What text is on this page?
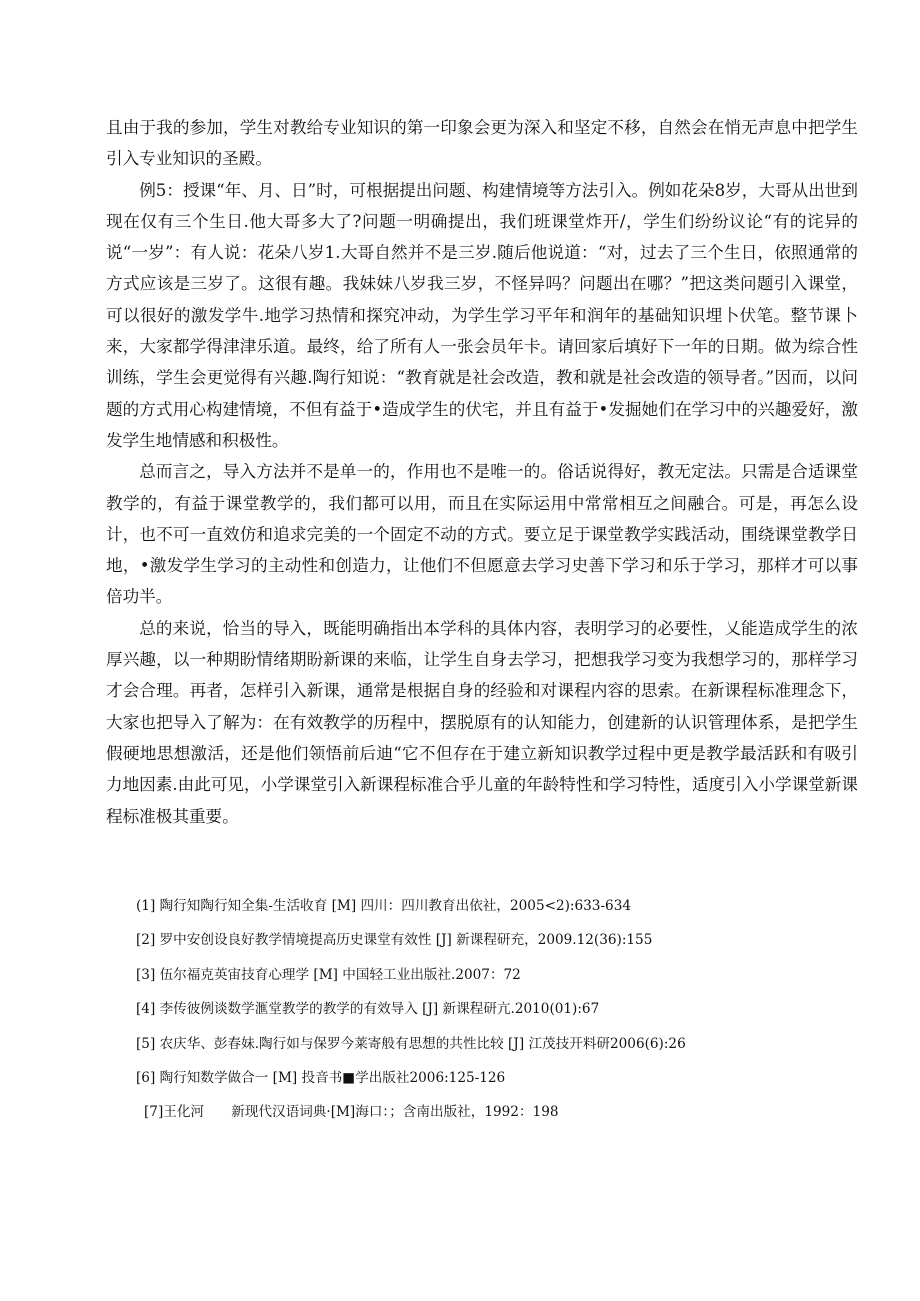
且由于我的参加，学生对教给专业知识的第一印象会更为深入和坚定不移，自然会在悄无声息中把学生引入专业知识的圣殿。

例5：授课“年、月、日”时，可根据提出问题、构建情境等方法引入。例如花朵8岁，大哥从出世到现在仅有三个生日.他大哥多大了?问题一明确提出，我们班课堂炸开/，学生们纷纷议论“有的诧异的说“一岁”：有人说：花朵八岁1.大哥自然并不是三岁.随后他说道：“对，过去了三个生日，依照通常的方式应该是三岁了。这很有趣。我妹妹八岁我三岁，不怪异吗？问题出在哪？”把这类问题引入课堂，可以很好的激发学牛.地学习热情和探究冲动，为学生学习平年和润年的基础知识埋卜伏笔。整节课卜来，大家都学得津津乐道。最终，给了所有人一张会员年卡。请回家后填好下一年的日期。做为综合性训练，学生会更觉得有兴趣.陶行知说：“教育就是社会改造，教和就是社会改造的领导者。”因而，以问题的方式用心构建情境，不但有益于•造成学生的伏宅，并且有益于•发掘她们在学习中的兴趣爱好，激发学生地情感和积极性。

总而言之，导入方法并不是单一的，作用也不是唯一的。俗话说得好，教无定法。只需是合适课堂教学的，有益于课堂教学的，我们都可以用，而且在实际运用中常常相互之间融合。可是，再怎么设计，也不可一直效仿和追求完美的一个固定不动的方式。要立足于课堂教学实践活动，围绕课堂教学日地，•激发学生学习的主动性和创造力，让他们不但愿意去学习史善下学习和乐于学习，那样才可以事倍功半。

总的来说，恰当的导入，既能明确指出本学科的具体内容，表明学习的必要性，乂能造成学生的浓厚兴趣，以一种期盼情绪期盼新课的来临，让学生自身去学习，把想我学习变为我想学习的，那样学习才会合理。再者，怎样引入新课，通常是根据自身的经验和对课程内容的思索。在新课程标准理念下，大家也把导入了解为：在有效教学的历程中，摆脱原有的认知能力，创建新的认识管理体系，是把学生假硬地思想激活，还是他们领悟前后迪“它不但存在于建立新知识教学过程中更是教学最活跃和有吸引力地因素.由此可见，小学课堂引入新课程标准合乎儿童的年龄特性和学习特性，适度引入小学课堂新课程标准极其重要。

(1] 陶行知陶行知全集-生活收育 [M] 四川：四川教育出依社，2005<2):633-634
[2] 罗中安创设良好教学情境提高历史课堂有效性 [J] 新课程研充，2009.12(36):155
[3] 伍尔福克英宙技育心理学 [M] 中国轻工业出版社.2007：72
[4] 李传彼例谈数学滙堂教学的教学的有效导入 [J] 新课程研亢.2010(01):67
[5] 农庆华、彭春妹.陶行如与保罗今莱寄般有思想的共性比较 [J] 江茂技开料研2006(6):26
[6] 陶行知数学做合一 [M] 投音书■学出版社2006:125-126
[7]王化河　　新现代汉语词典·[M]海口：；含南出版社，1992：198
